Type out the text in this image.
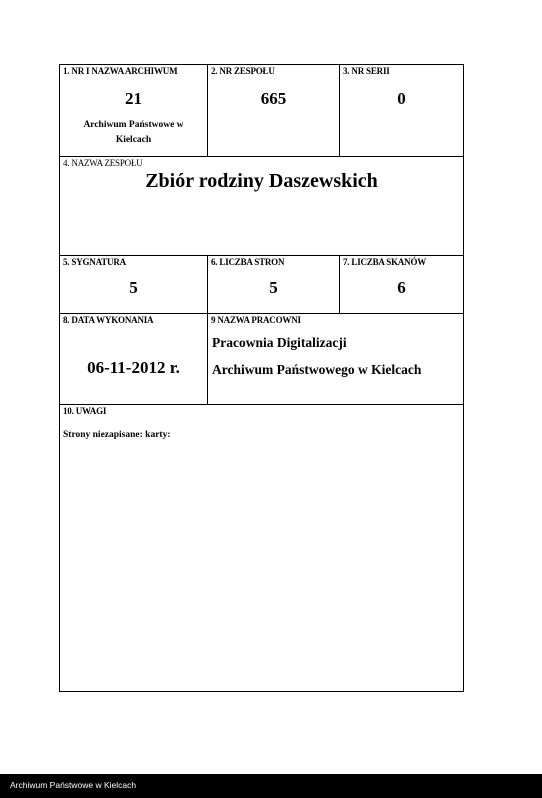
1. NR I NAZWA ARCHIWUM
21
Archiwum Państwowe w Kielcach
2. NR ZESPOŁU
665
3. NR SERII
0
4. NAZWA ZESPOŁU
Zbiór rodziny Daszewskich
5. SYGNATURA
5
6. LICZBA STRON
5
7. LICZBA SKANÓW
6
8. DATA WYKONANIA
06-11-2012 r.
9 NAZWA PRACOWNI
Pracownia Digitalizacji
Archiwum Państwowego w Kielcach
10. UWAGI
Strony niezapisane: karty:
Archiwum Państwowe w Kielcach
